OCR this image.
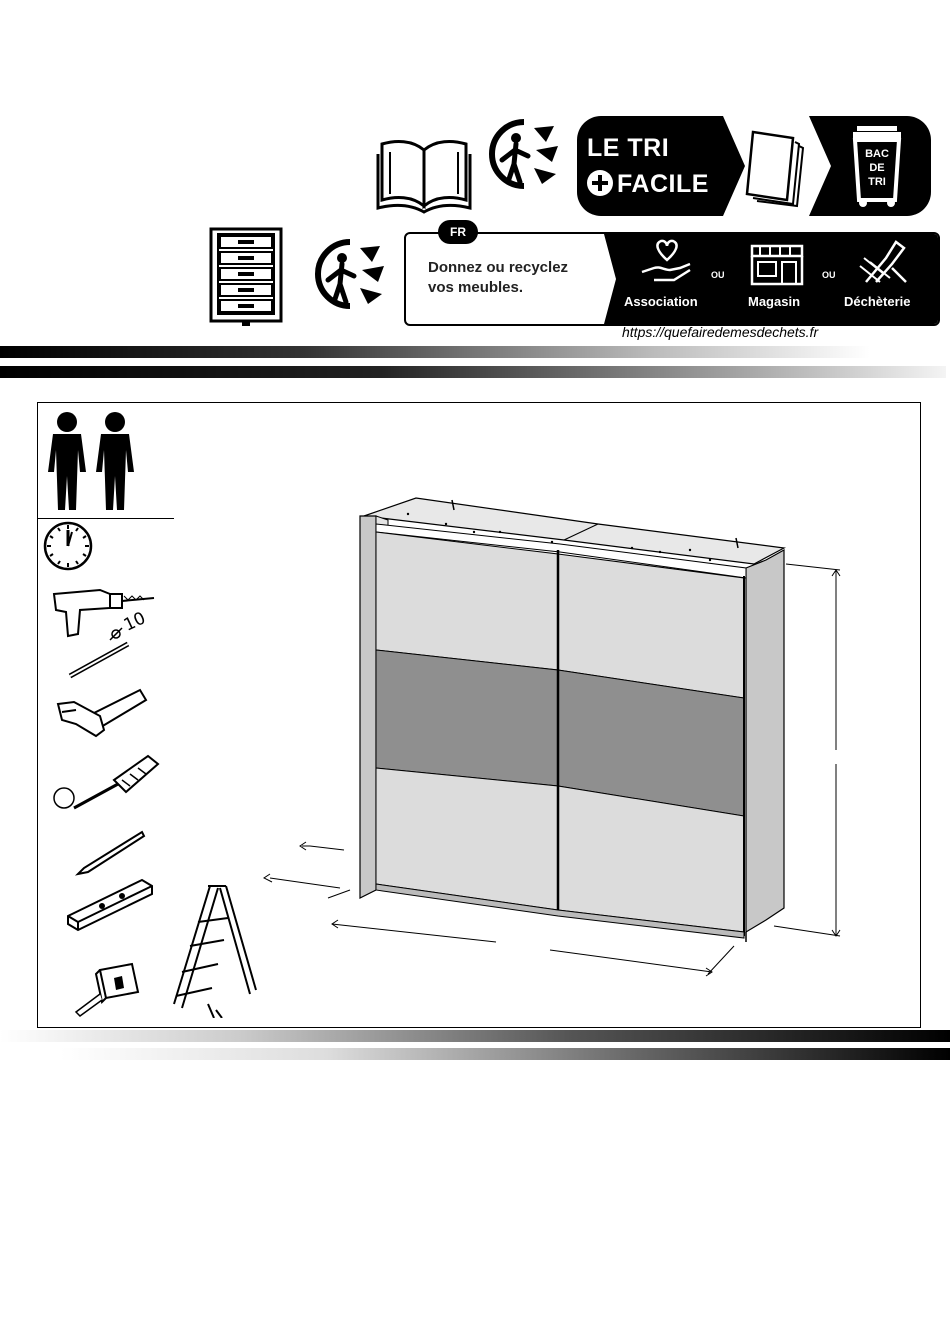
LE TRI
FACILE
BAC
DE
TRI
FR
Donnez ou recyclez
vos meubles.
OU	OU
Association	Magasin	Déchèterie
https://quefairedemesdechets.fr
10
